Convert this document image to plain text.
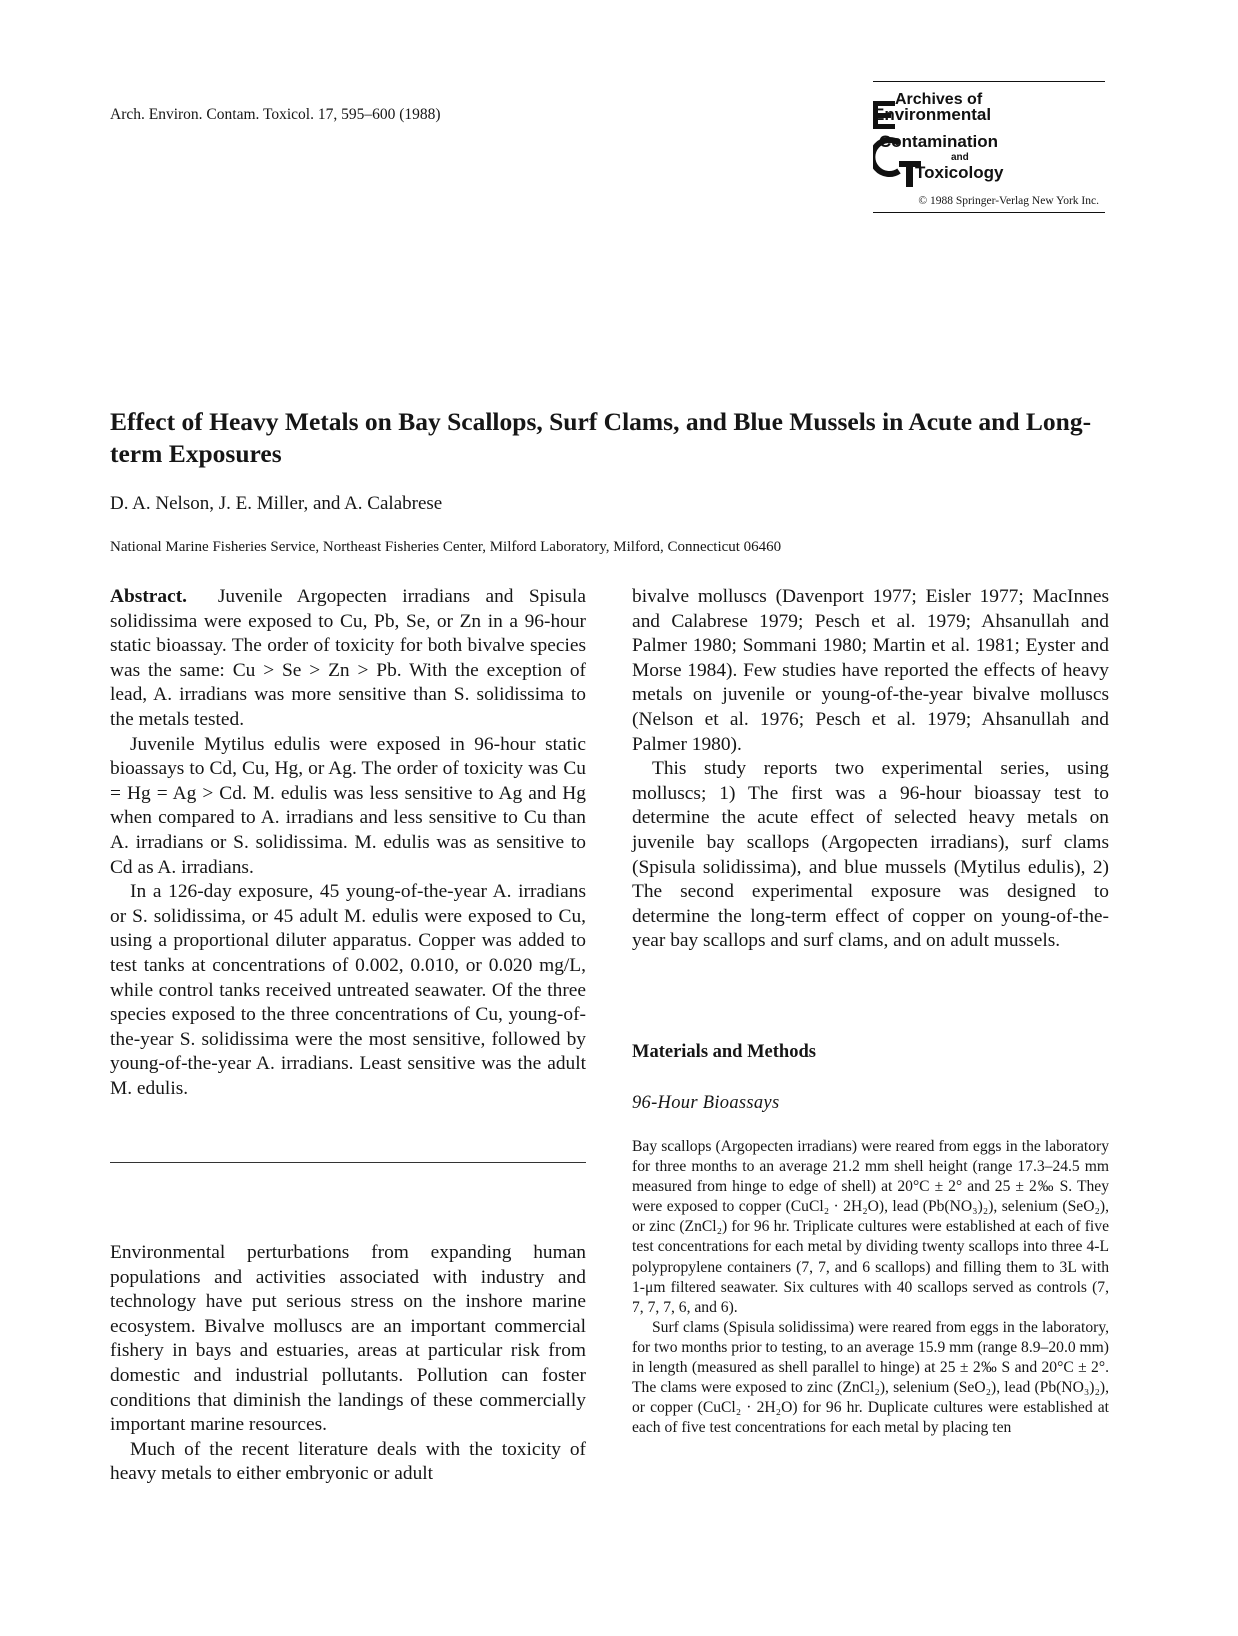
Arch. Environ. Contam. Toxicol. 17, 595–600 (1988)
Archives of
Environmental
Contamination
and
Toxicology
© 1988 Springer-Verlag New York Inc.
Effect of Heavy Metals on Bay Scallops, Surf Clams, and Blue Mussels in Acute and Long-term Exposures
D. A. Nelson, J. E. Miller, and A. Calabrese
National Marine Fisheries Service, Northeast Fisheries Center, Milford Laboratory, Milford, Connecticut 06460

Abstract. Juvenile Argopecten irradians and Spisula solidissima were exposed to Cu, Pb, Se, or Zn in a 96-hour static bioassay. The order of toxicity for both bivalve species was the same: Cu > Se > Zn > Pb. With the exception of lead, A. irradians was more sensitive than S. solidissima to the metals tested.

Juvenile Mytilus edulis were exposed in 96-hour static bioassays to Cd, Cu, Hg, or Ag. The order of toxicity was Cu = Hg = Ag > Cd. M. edulis was less sensitive to Ag and Hg when compared to A. irradians and less sensitive to Cu than A. irradians or S. solidissima. M. edulis was as sensitive to Cd as A. irradians.

In a 126-day exposure, 45 young-of-the-year A. irradians or S. solidissima, or 45 adult M. edulis were exposed to Cu, using a proportional diluter apparatus. Copper was added to test tanks at concentrations of 0.002, 0.010, or 0.020 mg/L, while control tanks received untreated seawater. Of the three species exposed to the three concentrations of Cu, young-of-the-year S. solidissima were the most sensitive, followed by young-of-the-year A. irradians. Least sensitive was the adult M. edulis.

Environmental perturbations from expanding human populations and activities associated with industry and technology have put serious stress on the inshore marine ecosystem. Bivalve molluscs are an important commercial fishery in bays and estuaries, areas at particular risk from domestic and industrial pollutants. Pollution can foster conditions that diminish the landings of these commercially important marine resources.

Much of the recent literature deals with the toxicity of heavy metals to either embryonic or adult

bivalve molluscs (Davenport 1977; Eisler 1977; MacInnes and Calabrese 1979; Pesch et al. 1979; Ahsanullah and Palmer 1980; Sommani 1980; Martin et al. 1981; Eyster and Morse 1984). Few studies have reported the effects of heavy metals on juvenile or young-of-the-year bivalve molluscs (Nelson et al. 1976; Pesch et al. 1979; Ahsanullah and Palmer 1980).

This study reports two experimental series, using molluscs; 1) The first was a 96-hour bioassay test to determine the acute effect of selected heavy metals on juvenile bay scallops (Argopecten irradians), surf clams (Spisula solidissima), and blue mussels (Mytilus edulis), 2) The second experimental exposure was designed to determine the long-term effect of copper on young-of-the-year bay scallops and surf clams, and on adult mussels.

Materials and Methods
96-Hour Bioassays

Bay scallops (Argopecten irradians) were reared from eggs in the laboratory for three months to an average 21.2 mm shell height (range 17.3–24.5 mm measured from hinge to edge of shell) at 20°C ± 2° and 25 ± 2‰ S. They were exposed to copper (CuCl₂ · 2H₂O), lead (Pb(NO₃)₂), selenium (SeO₂), or zinc (ZnCl₂) for 96 hr. Triplicate cultures were established at each of five test concentrations for each metal by dividing twenty scallops into three 4-L polypropylene containers (7, 7, and 6 scallops) and filling them to 3L with 1-μm filtered seawater. Six cultures with 40 scallops served as controls (7, 7, 7, 7, 6, and 6).

Surf clams (Spisula solidissima) were reared from eggs in the laboratory, for two months prior to testing, to an average 15.9 mm (range 8.9–20.0 mm) in length (measured as shell parallel to hinge) at 25 ± 2‰ S and 20°C ± 2°. The clams were exposed to zinc (ZnCl₂), selenium (SeO₂), lead (Pb(NO₃)₂), or copper (CuCl₂ · 2H₂O) for 96 hr. Duplicate cultures were established at each of five test concentrations for each metal by placing ten
